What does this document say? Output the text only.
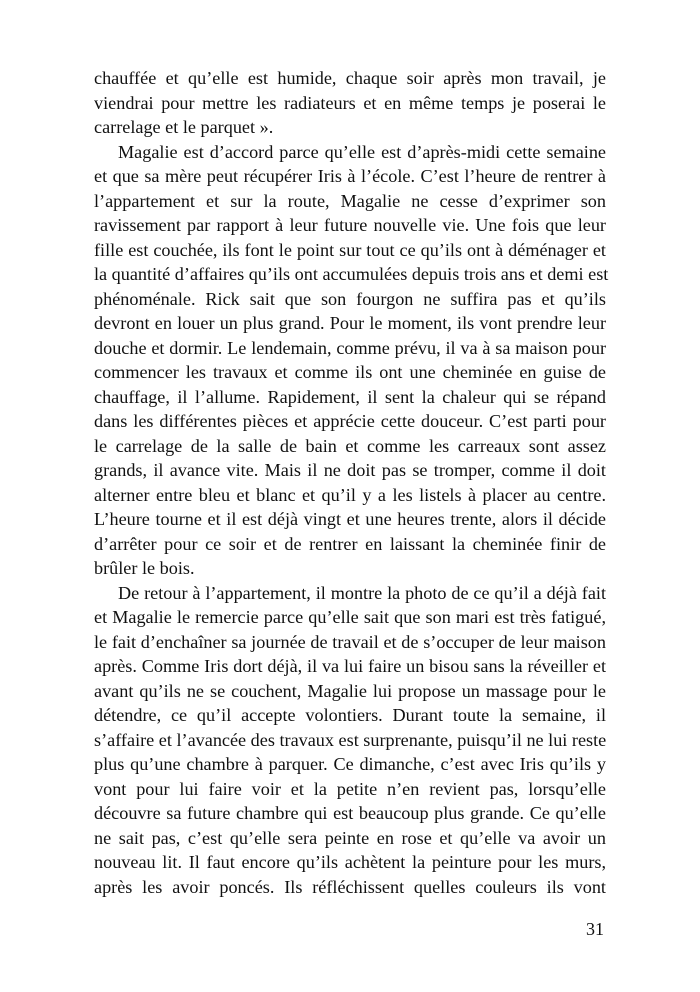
chauffée et qu’elle est humide, chaque soir après mon travail, je

viendrai pour mettre les radiateurs et en même temps je poserai le

carrelage et le parquet ».

Magalie est d’accord parce qu’elle est d’après-midi cette semaine

et que sa mère peut récupérer Iris à l’école. C’est l’heure de rentrer à

l’appartement et sur la route, Magalie ne cesse d’exprimer son

ravissement par rapport à leur future nouvelle vie. Une fois que leur

fille est couchée, ils font le point sur tout ce qu’ils ont à déménager et

la quantité d’affaires qu’ils ont accumulées depuis trois ans et demi est

phénoménale. Rick sait que son fourgon ne suffira pas et qu’ils

devront en louer un plus grand. Pour le moment, ils vont prendre leur

douche et dormir. Le lendemain, comme prévu, il va à sa maison pour

commencer les travaux et comme ils ont une cheminée en guise de

chauffage, il l’allume. Rapidement, il sent la chaleur qui se répand

dans les différentes pièces et apprécie cette douceur. C’est parti pour

le carrelage de la salle de bain et comme les carreaux sont assez

grands, il avance vite. Mais il ne doit pas se tromper, comme il doit

alterner entre bleu et blanc et qu’il y a les listels à placer au centre.

L’heure tourne et il est déjà vingt et une heures trente, alors il décide

d’arrêter pour ce soir et de rentrer en laissant la cheminée finir de

brûler le bois.

De retour à l’appartement, il montre la photo de ce qu’il a déjà fait

et Magalie le remercie parce qu’elle sait que son mari est très fatigué,

le fait d’enchaîner sa journée de travail et de s’occuper de leur maison

après. Comme Iris dort déjà, il va lui faire un bisou sans la réveiller et

avant qu’ils ne se couchent, Magalie lui propose un massage pour le

détendre, ce qu’il accepte volontiers. Durant toute la semaine, il

s’affaire et l’avancée des travaux est surprenante, puisqu’il ne lui reste

plus qu’une chambre à parquer. Ce dimanche, c’est avec Iris qu’ils y

vont pour lui faire voir et la petite n’en revient pas, lorsqu’elle

découvre sa future chambre qui est beaucoup plus grande. Ce qu’elle

ne sait pas, c’est qu’elle sera peinte en rose et qu’elle va avoir un

nouveau lit. Il faut encore qu’ils achètent la peinture pour les murs,

après les avoir poncés. Ils réfléchissent quelles couleurs ils vont

31
